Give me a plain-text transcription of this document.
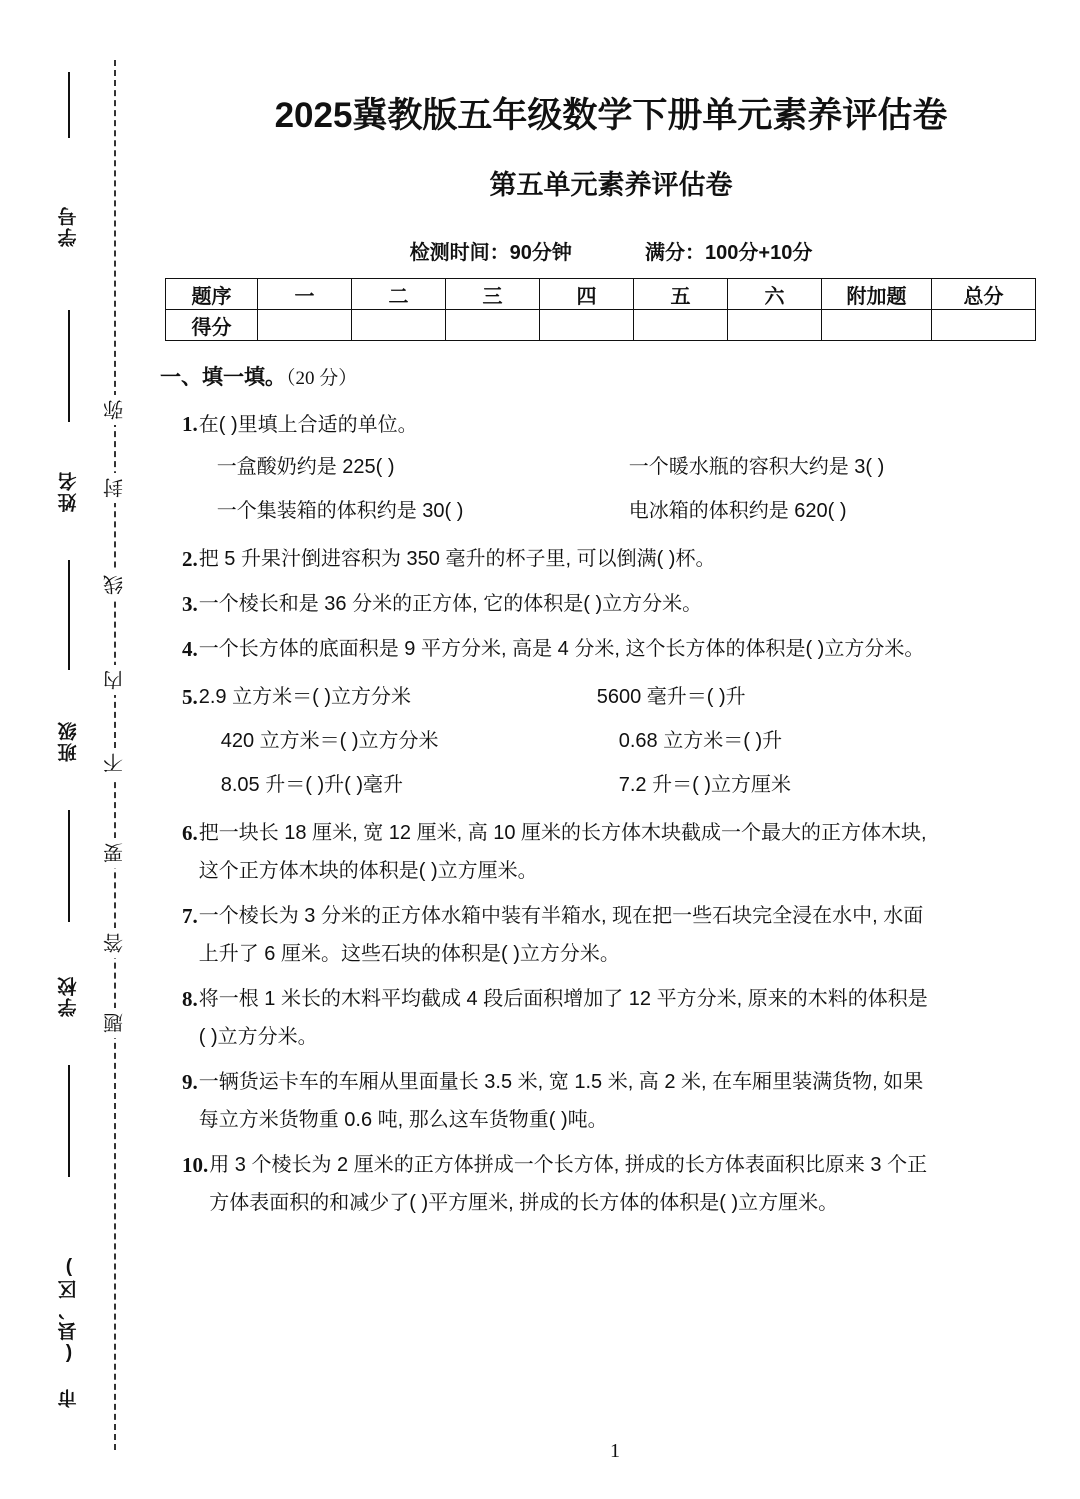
学号
姓名
班级
学校
市 (县、区)
弥
封
线
内
不
要
答
题
2025冀教版五年级数学下册单元素养评估卷
第五单元素养评估卷
检测时间：90分钟	满分：100分+10分
题序	一	二	三	四	五	六	附加题	总分
得分								
一、填一填。（20 分）
1. 在( )里填上合适的单位。
一盒酸奶约是 225( )	一个暖水瓶的容积大约是 3( )
一个集装箱的体积约是 30( )	电冰箱的体积约是 620( )
2. 把 5 升果汁倒进容积为 350 毫升的杯子里, 可以倒满( )杯。
3. 一个棱长和是 36 分米的正方体, 它的体积是( )立方分米。
4. 一个长方体的底面积是 9 平方分米, 高是 4 分米, 这个长方体的体积是( )立方分米。
5. 2.9 立方米＝( )立方分米	5600 毫升＝( )升
420 立方米＝( )立方分米	0.68 立方米＝( )升
8.05 升＝( )升( )毫升	7.2 升＝( )立方厘米
6. 把一块长 18 厘米, 宽 12 厘米, 高 10 厘米的长方体木块截成一个最大的正方体木块,
这个正方体木块的体积是( )立方厘米。
7. 一个棱长为 3 分米的正方体水箱中装有半箱水, 现在把一些石块完全浸在水中, 水面
上升了 6 厘米。这些石块的体积是( )立方分米。
8. 将一根 1 米长的木料平均截成 4 段后面积增加了 12 平方分米, 原来的木料的体积是
( )立方分米。
9. 一辆货运卡车的车厢从里面量长 3.5 米, 宽 1.5 米, 高 2 米, 在车厢里装满货物, 如果
每立方米货物重 0.6 吨, 那么这车货物重( )吨。
10. 用 3 个棱长为 2 厘米的正方体拼成一个长方体, 拼成的长方体表面积比原来 3 个正
方体表面积的和减少了( )平方厘米, 拼成的长方体的体积是( )立方厘米。
1
